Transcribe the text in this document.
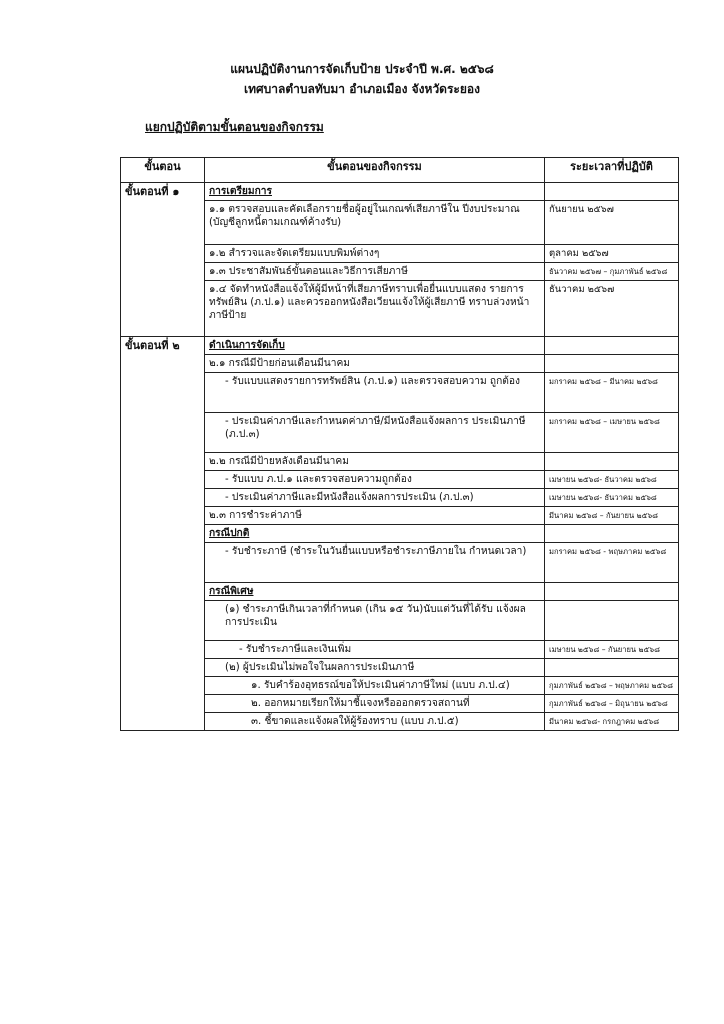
แผนปฏิบัติงานการจัดเก็บป้าย ประจำปี พ.ศ. ๒๕๖๘
เทศบาลตำบลทับมา อำเภอเมือง จังหวัดระยอง
แยกปฏิบัติตามขั้นตอนของกิจกรรม
ขั้นตอน	ขั้นตอนของกิจกรรม	ระยะเวลาที่ปฏิบัติ
ขั้นตอนที่ ๑	การเตรียมการ	
	๑.๑ ตรวจสอบและคัดเลือกรายชื่อผู้อยู่ในเกณฑ์เสียภาษีใน ปีงบประมาณ (บัญชีลูกหนี้ตามเกณฑ์ค้างรับ)	กันยายน ๒๕๖๗
	๑.๒ สำรวจและจัดเตรียมแบบพิมพ์ต่างๆ	ตุลาคม ๒๕๖๗
	๑.๓ ประชาสัมพันธ์ขั้นตอนและวิธีการเสียภาษี	ธันวาคม ๒๕๖๗ – กุมภาพันธ์ ๒๕๖๘
	๑.๔ จัดทำหนังสือแจ้งให้ผู้มีหน้าที่เสียภาษีทราบเพื่อยื่นแบบแสดง รายการทรัพย์สิน (ภ.ป.๑) และควรออกหนังสือเวียนแจ้งให้ผู้เสียภาษี ทราบล่วงหน้าภาษีป้าย	ธันวาคม ๒๕๖๗
ขั้นตอนที่ ๒	ดำเนินการจัดเก็บ	
	๒.๑ กรณีมีป้ายก่อนเดือนมีนาคม	
	- รับแบบแสดงรายการทรัพย์สิน (ภ.ป.๑) และตรวจสอบความ ถูกต้อง	มกราคม ๒๕๖๘ – มีนาคม ๒๕๖๘
	- ประเมินค่าภาษีและกำหนดค่าภาษี/มีหนังสือแจ้งผลการ ประเมินภาษี (ภ.ป.๓)	มกราคม ๒๕๖๘ – เมษายน ๒๕๖๘
	๒.๒ กรณีมีป้ายหลังเดือนมีนาคม	
	- รับแบบ ภ.ป.๑ และตรวจสอบความถูกต้อง	เมษายน ๒๕๖๘- ธันวาคม ๒๕๖๘
	- ประเมินค่าภาษีและมีหนังสือแจ้งผลการประเมิน (ภ.ป.๓)	เมษายน ๒๕๖๘- ธันวาคม ๒๕๖๘
	๒.๓ การชำระค่าภาษี	มีนาคม ๒๕๖๘ – กันยายน ๒๕๖๘
	กรณีปกติ	
	- รับชำระภาษี (ชำระในวันยื่นแบบหรือชำระภาษีภายใน กำหนดเวลา)	มกราคม ๒๕๖๘ - พฤษภาคม ๒๕๖๘
	กรณีพิเศษ	
	(๑) ชำระภาษีเกินเวลาที่กำหนด (เกิน ๑๕ วัน)นับแต่วันที่ได้รับ แจ้งผลการประเมิน	
	- รับชำระภาษีและเงินเพิ่ม	เมษายน ๒๕๖๘ – กันยายน ๒๕๖๘
	(๒) ผู้ประเมินไม่พอใจในผลการประเมินภาษี	
	๑. รับคำร้องอุทธรณ์ขอให้ประเมินค่าภาษีใหม่ (แบบ ภ.ป.๔)	กุมภาพันธ์ ๒๕๖๘ – พฤษภาคม ๒๕๖๘
	๒. ออกหมายเรียกให้มาชี้แจงหรือออกตรวจสถานที่	กุมภาพันธ์ ๒๕๖๘ – มิถุนายน ๒๕๖๘
	๓. ชี้ขาดและแจ้งผลให้ผู้ร้องทราบ (แบบ ภ.ป.๕)	มีนาคม ๒๕๖๘- กรกฎาคม ๒๕๖๘
